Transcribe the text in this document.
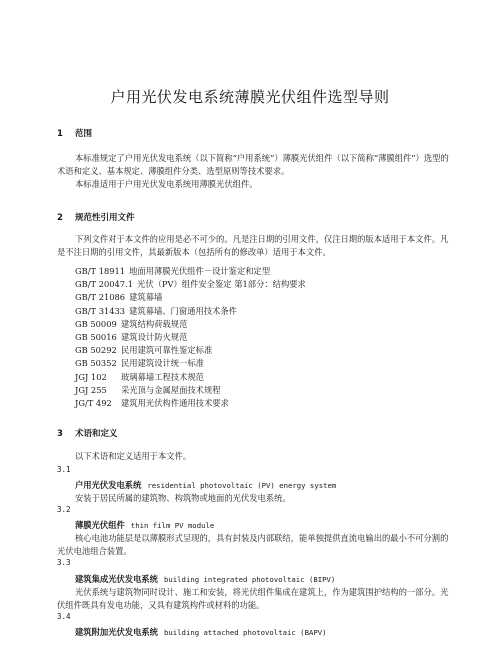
户用光伏发电系统薄膜光伏组件选型导则
1 范围

本标准规定了户用光伏发电系统（以下简称“户用系统”）薄膜光伏组件（以下简称“薄膜组件”）选型的术语和定义、基本规定、薄膜组件分类、选型原则等技术要求。

本标准适用于户用光伏发电系统用薄膜光伏组件。

2 规范性引用文件

下列文件对于本文件的应用是必不可少的。凡是注日期的引用文件，仅注日期的版本适用于本文件。凡是不注日期的引用文件，其最新版本（包括所有的修改单）适用于本文件。

GB/T 18911 地面用薄膜光伏组件－设计鉴定和定型
GB/T 20047.1 光伏（PV）组件安全鉴定 第1部分：结构要求
GB/T 21086 建筑幕墙
GB/T 31433 建筑幕墙、门窗通用技术条件
GB 50009 建筑结构荷载规范
GB 50016 建筑设计防火规范
GB 50292 民用建筑可靠性鉴定标准
GB 50352 民用建筑设计统一标准
JGJ 102 玻璃幕墙工程技术规范
JGJ 255 采光顶与金属屋面技术规程
JG/T 492 建筑用光伏构件通用技术要求
3 术语和定义

以下术语和定义适用于本文件。

3.1
户用光伏发电系统 residential photovoltaic (PV) energy system

安装于居民所属的建筑物、构筑物或地面的光伏发电系统。

3.2
薄膜光伏组件 thin film PV module

核心电池功能层是以薄膜形式呈现的，具有封装及内部联结，能单独提供直流电输出的最小不可分割的光伏电池组合装置。

3.3
建筑集成光伏发电系统 building integrated photovoltaic (BIPV)

光伏系统与建筑物同时设计、施工和安装，将光伏组件集成在建筑上，作为建筑围护结构的一部分。光伏组件既具有发电功能，又具有建筑构件或材料的功能。

3.4
建筑附加光伏发电系统 building attached photovoltaic (BAPV)
